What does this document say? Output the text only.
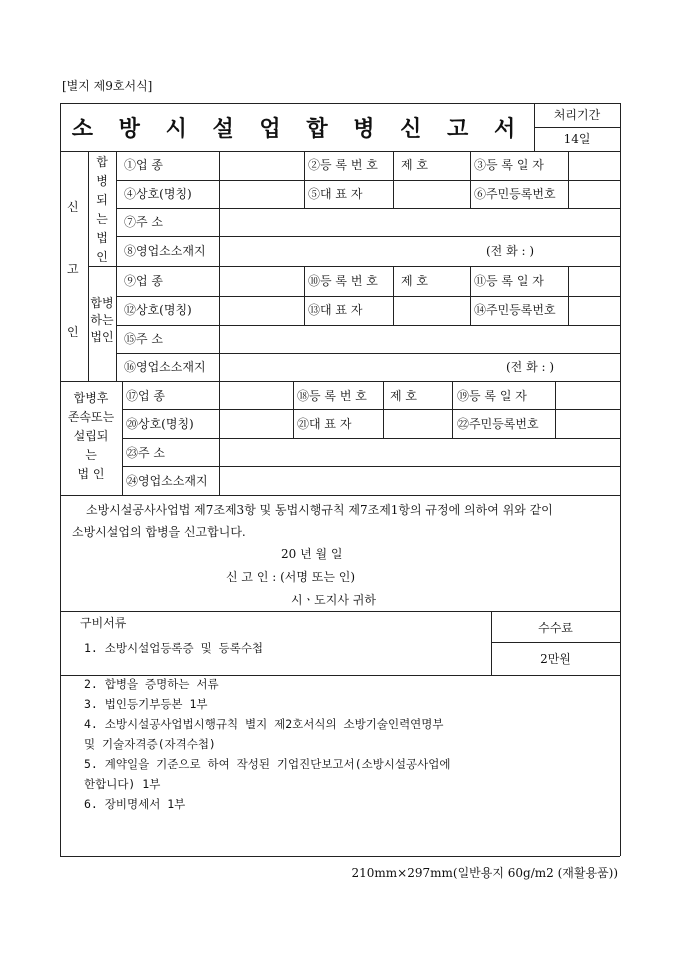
[별지 제9호서식]
소 방 시 설 업 합 병 신 고 서
처리기간
14일
신
고
인
합
병
되
는
법
인
합병
하는
법인
①업 종	②등 록 번 호 제 호	③등 록 일 자
④상호(명칭)	⑤대 표 자	⑥주민등록번호
⑦주 소
⑧영업소소재지	(전 화 : )
⑨업 종	⑩등 록 번 호 제 호	⑪등 록 일 자
⑫상호(명칭)	⑬대 표 자	⑭주민등록번호
⑮주 소
⑯영업소소재지	(전 화 : )
합병후
존속또는
설립되
는
법 인
⑰업 종	⑱등 록 번 호 제 호	⑲등 록 일 자
⑳상호(명칭)	㉑대 표 자	㉒주민등록번호
㉓주 소
㉔영업소소재지
소방시설공사사업법 제7조제3항 및 동법시행규칙 제7조제1항의 규정에 의하여 위와 같이
소방시설업의 합병을 신고합니다.
20 년 월 일
신 고 인 : (서명 또는 인)
시ㆍ도지사 귀하
구비서류	수수료
2만원
1. 소방시설업등록증 및 등록수첩
2. 합병을 증명하는 서류
3. 법인등기부등본 1부
4. 소방시설공사업법시행규칙 별지 제2호서식의 소방기술인력연명부
및 기술자격증(자격수첩)
5. 계약일을 기준으로 하여 작성된 기업진단보고서(소방시설공사업에
한합니다) 1부
6. 장비명세서 1부
210mm×297mm(일반용지 60g/m2 (재활용품))
